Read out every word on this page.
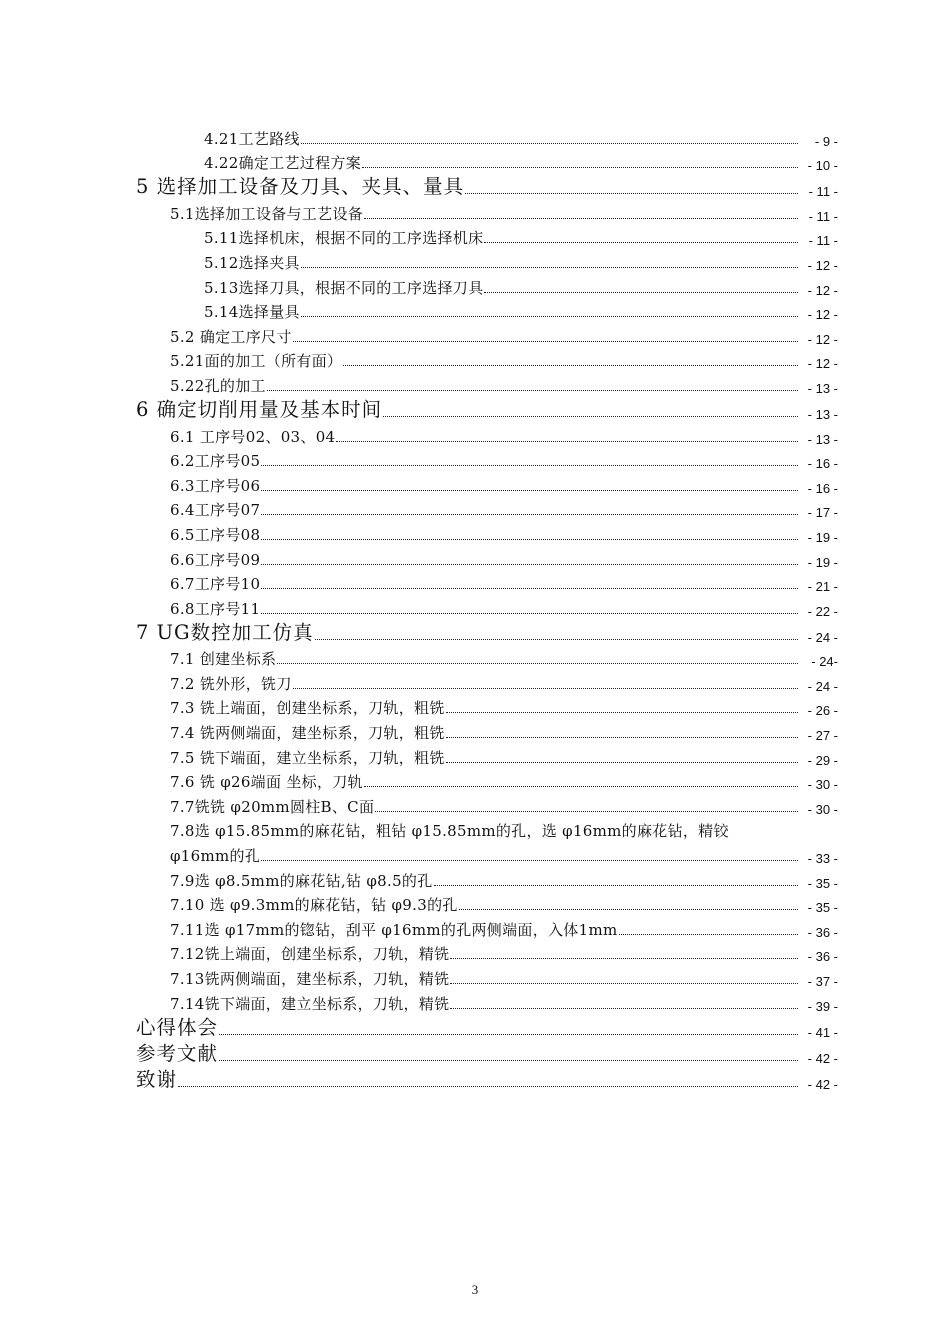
4.21工艺路线	- 9 -
4.22确定工艺过程方案	- 10 -
5 选择加工设备及刀具、夹具、量具	- 11 -
5.1选择加工设备与工艺设备	- 11 -
5.11选择机床，根据不同的工序选择机床	- 11 -
5.12选择夹具	- 12 -
5.13选择刀具，根据不同的工序选择刀具	- 12 -
5.14选择量具	- 12 -
5.2 确定工序尺寸	- 12 -
5.21面的加工（所有面）	- 12 -
5.22孔的加工	- 13 -
6 确定切削用量及基本时间	- 13 -
6.1 工序号02、03、04	- 13 -
6.2工序号05	- 16 -
6.3工序号06	- 16 -
6.4工序号07	- 17 -
6.5工序号08	- 19 -
6.6工序号09	- 19 -
6.7工序号10	- 21 -
6.8工序号11	- 22 -
7 UG数控加工仿真	- 24 -
7.1 创建坐标系	- 24-
7.2 铣外形，铣刀	- 24 -
7.3 铣上端面，创建坐标系，刀轨，粗铣	- 26 -
7.4 铣两侧端面，建坐标系，刀轨，粗铣	- 27 -
7.5 铣下端面，建立坐标系，刀轨，粗铣	- 29 -
7.6 铣 φ26端面 坐标，刀轨	- 30 -
7.7铣铣 φ20mm圆柱B、C面	- 30 -
7.8选 φ15.85mm的麻花钻，粗钻 φ15.85mm的孔，选 φ16mm的麻花钻，精铰
φ16mm的孔	- 33 -
7.9选 φ8.5mm的麻花钻,钻 φ8.5的孔	- 35 -
7.10 选 φ9.3mm的麻花钻，钻 φ9.3的孔	- 35 -
7.11选 φ17mm的锪钻，刮平 φ16mm的孔两侧端面，入体1mm	- 36 -
7.12铣上端面，创建坐标系，刀轨，精铣	- 36 -
7.13铣两侧端面，建坐标系，刀轨，精铣	- 37 -
7.14铣下端面，建立坐标系，刀轨，精铣	- 39 -
心得体会	- 41 -
参考文献	- 42 -
致谢	- 42 -
3
